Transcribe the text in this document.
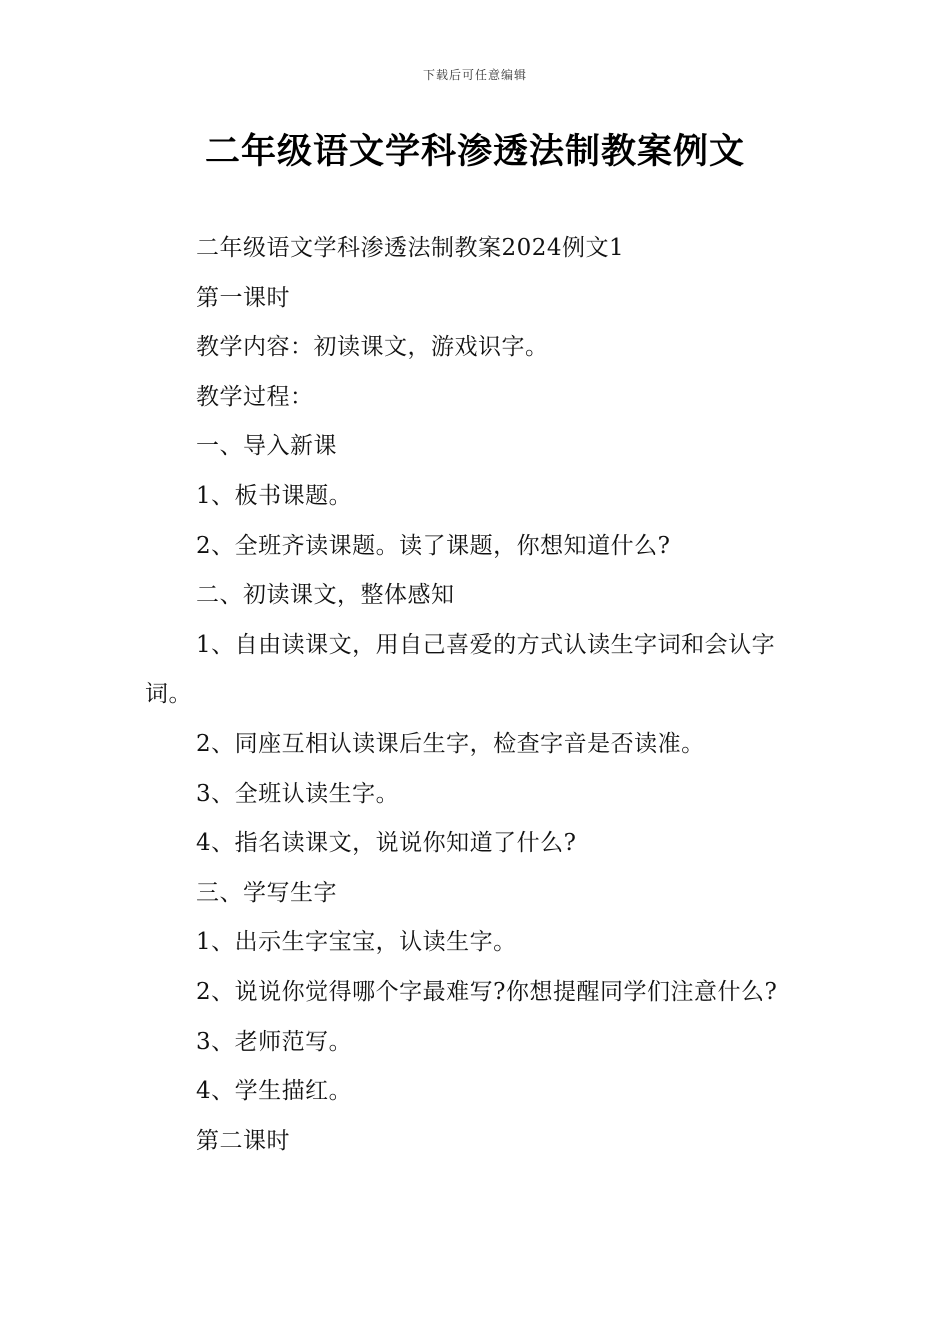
下载后可任意编辑
二年级语文学科渗透法制教案例文

二年级语文学科渗透法制教案2024例文1

第一课时

教学内容：初读课文，游戏识字。

教学过程：

一、导入新课

1、板书课题。

2、全班齐读课题。读了课题，你想知道什么?

二、初读课文，整体感知

1、自由读课文，用自己喜爱的方式认读生字词和会认字词。

2、同座互相认读课后生字，检查字音是否读准。

3、全班认读生字。

4、指名读课文，说说你知道了什么?

三、学写生字

1、出示生字宝宝，认读生字。

2、说说你觉得哪个字最难写?你想提醒同学们注意什么?

3、老师范写。

4、学生描红。

第二课时
